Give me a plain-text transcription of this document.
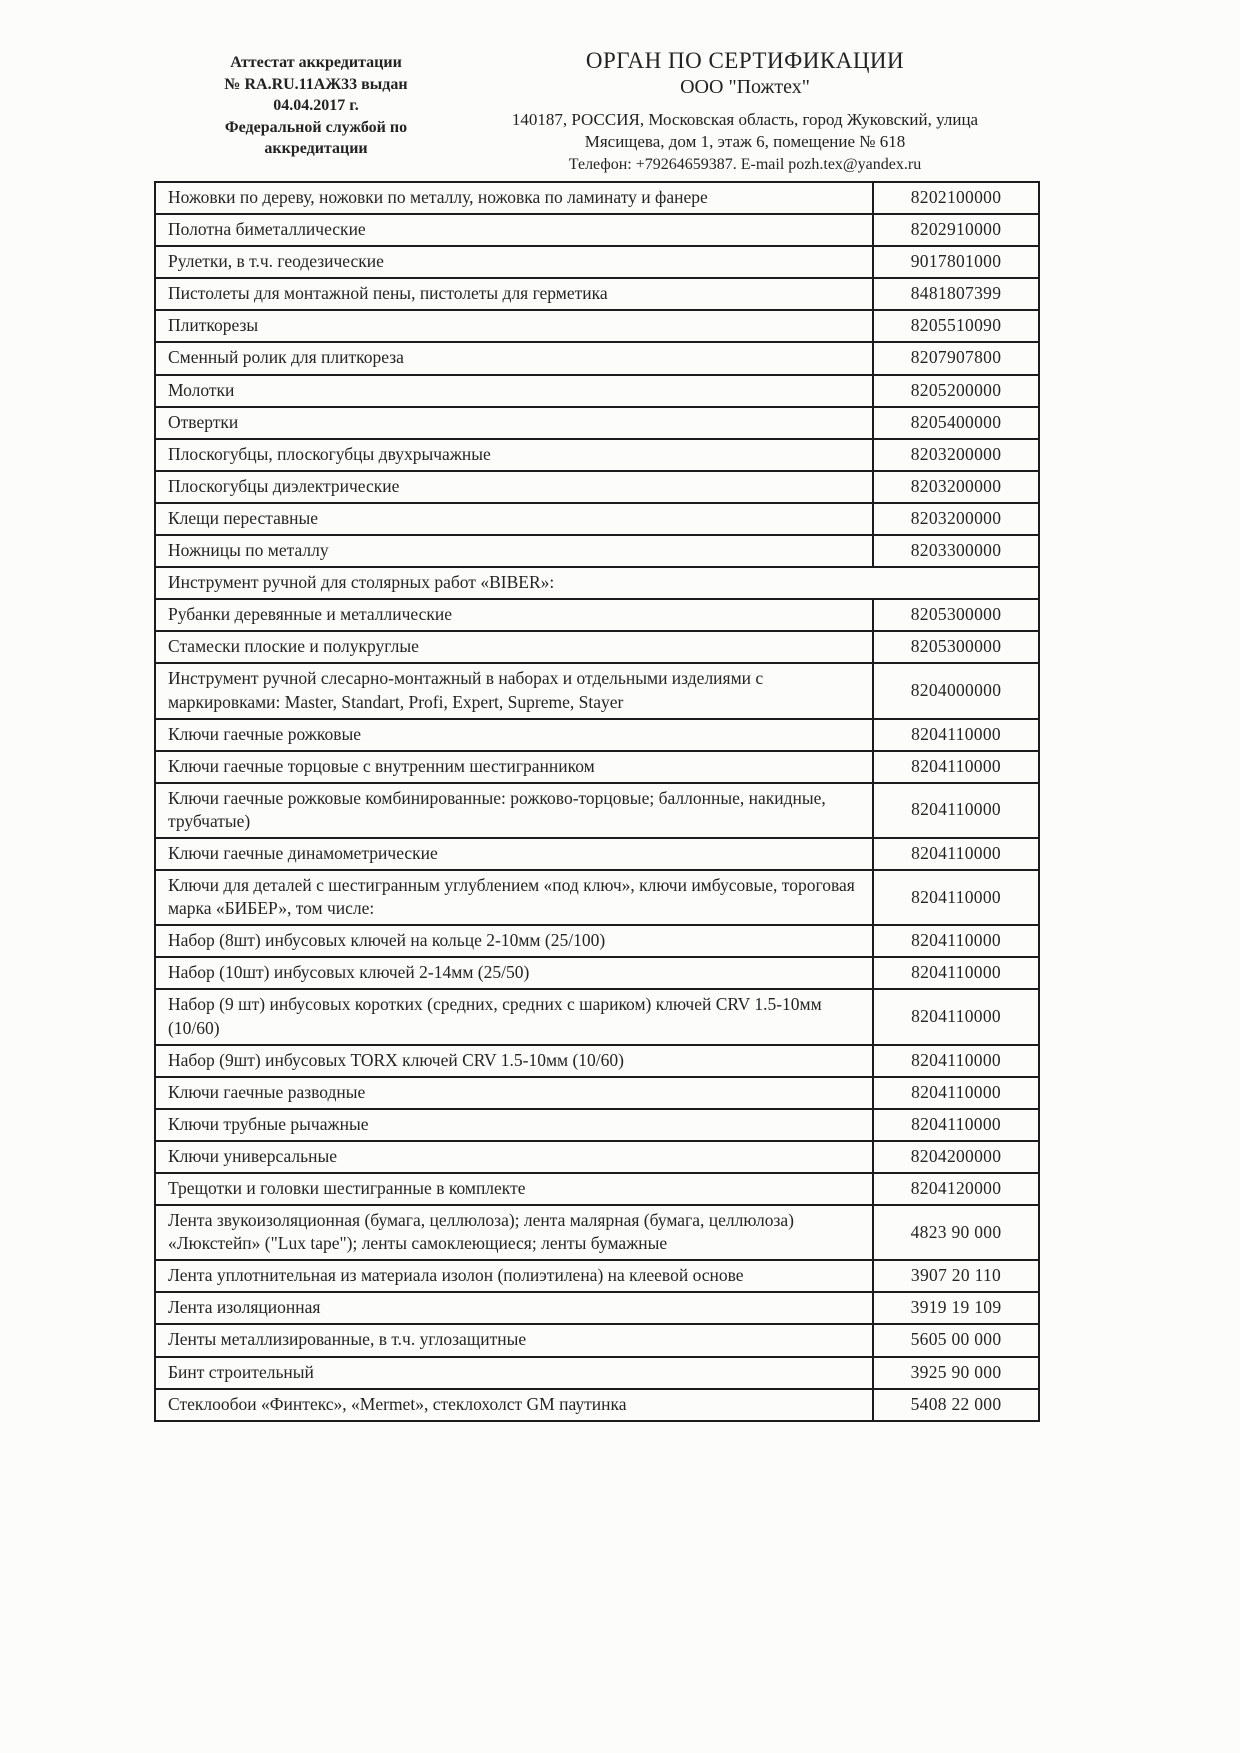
Аттестат аккредитации
№ RA.RU.11АЖ33 выдан
04.04.2017 г.
Федеральной службой по
аккредитации
ОРГАН ПО СЕРТИФИКАЦИИ
ООО "Пожтех"
140187, РОССИЯ, Московская область, город Жуковский, улица
Мясищева, дом 1, этаж 6, помещение № 618
Телефон: +79264659387. E-mail pozh.tex@yandex.ru
Ножовки по дереву, ножовки по металлу, ножовка по ламинату и фанере	8202100000
Полотна биметаллические	8202910000
Рулетки, в т.ч. геодезические	9017801000
Пистолеты для монтажной пены, пистолеты для герметика	8481807399
Плиткорезы	8205510090
Сменный ролик для плиткореза	8207907800
Молотки	8205200000
Отвертки	8205400000
Плоскогубцы, плоскогубцы двухрычажные	8203200000
Плоскогубцы диэлектрические	8203200000
Клещи переставные	8203200000
Ножницы по металлу	8203300000
Инструмент ручной для столярных работ «BIBER»:	
Рубанки деревянные и металлические	8205300000
Стамески плоские и полукруглые	8205300000
Инструмент ручной слесарно-монтажный в наборах и отдельными изделиями с маркировками: Master, Standart, Profi, Expert, Supreme, Stayer	8204000000
Ключи гаечные рожковые	8204110000
Ключи гаечные торцовые с внутренним шестигранником	8204110000
Ключи гаечные рожковые комбинированные: рожково-торцовые; баллонные, накидные, трубчатые)	8204110000
Ключи гаечные динамометрические	8204110000
Ключи для деталей с шестигранным углублением «под ключ», ключи имбусовые, тороговая марка «БИБЕР», том числе:	8204110000
Набор (8шт) инбусовых ключей на кольце 2-10мм (25/100)	8204110000
Набор (10шт) инбусовых ключей 2-14мм (25/50)	8204110000
Набор (9 шт) инбусовых коротких (средних, средних с шариком) ключей CRV 1.5-10мм (10/60)	8204110000
Набор (9шт) инбусовых TORX ключей CRV 1.5-10мм (10/60)	8204110000
Ключи гаечные разводные	8204110000
Ключи трубные рычажные	8204110000
Ключи универсальные	8204200000
Трещотки и головки шестигранные в комплекте	8204120000
Лента звукоизоляционная (бумага, целлюлоза); лента малярная (бумага, целлюлоза) «Люкстейп» ("Lux tape"); ленты самоклеющиеся; ленты бумажные	4823 90 000
Лента уплотнительная из материала изолон (полиэтилена) на клеевой основе	3907 20 110
Лента изоляционная	3919 19 109
Ленты металлизированные, в т.ч. углозащитные	5605 00 000
Бинт строительный	3925 90 000
Стеклообои «Финтекс», «Mermet», стеклохолст GM паутинка	5408 22 000
